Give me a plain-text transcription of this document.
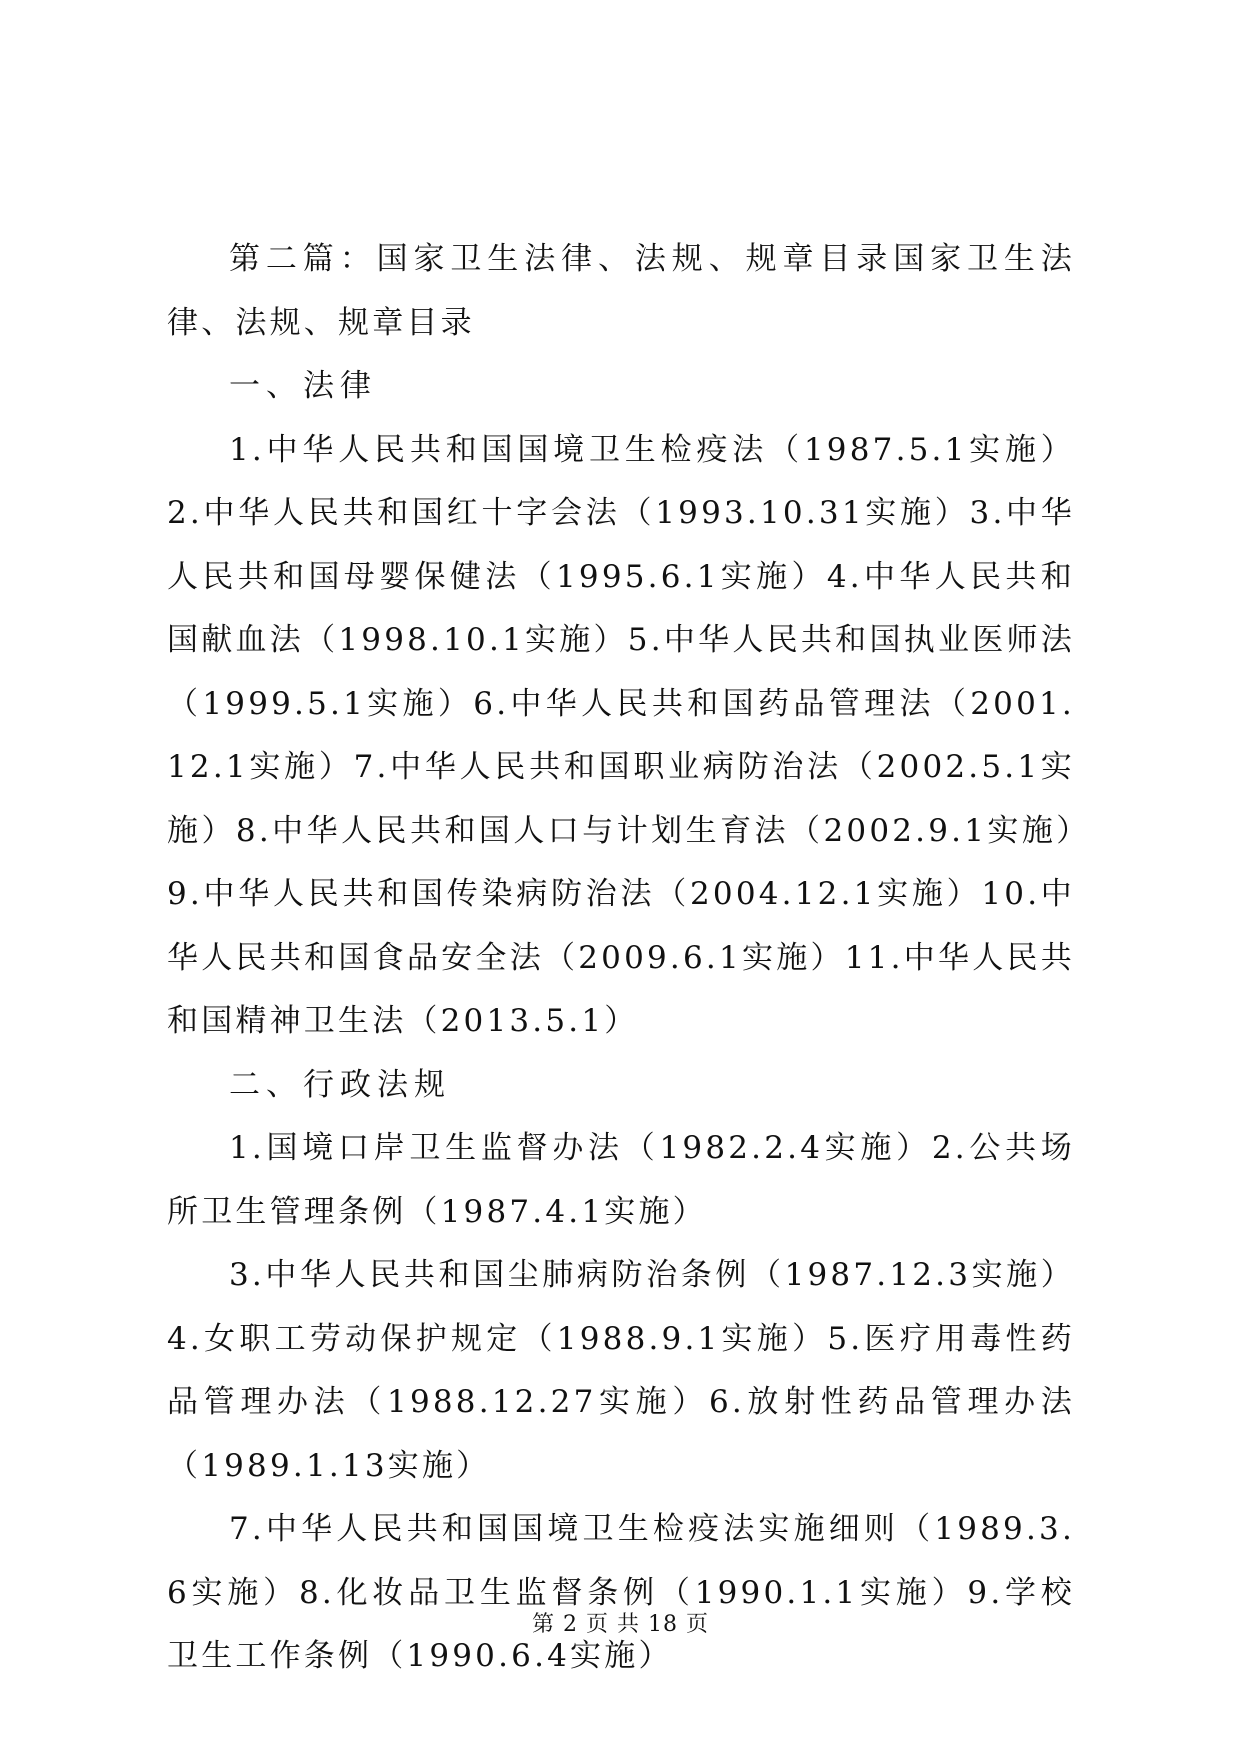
第二篇：国家卫生法律、法规、规章目录国家卫生法律、法规、规章目录

一、法律

1.中华人民共和国国境卫生检疫法（1987.5.1实施）2.中华人民共和国红十字会法（1993.10.31实施）3.中华人民共和国母婴保健法（1995.6.1实施）4.中华人民共和国献血法（1998.10.1实施）5.中华人民共和国执业医师法（1999.5.1实施）6.中华人民共和国药品管理法（2001.12.1实施）7.中华人民共和国职业病防治法（2002.5.1实施）8.中华人民共和国人口与计划生育法（2002.9.1实施）9.中华人民共和国传染病防治法（2004.12.1实施）10.中华人民共和国食品安全法（2009.6.1实施）11.中华人民共和国精神卫生法（2013.5.1）

二、行政法规

1.国境口岸卫生监督办法（1982.2.4实施）2.公共场所卫生管理条例（1987.4.1实施）

3.中华人民共和国尘肺病防治条例（1987.12.3实施）4.女职工劳动保护规定（1988.9.1实施）5.医疗用毒性药品管理办法（1988.12.27实施）6.放射性药品管理办法（1989.1.13实施）

7.中华人民共和国国境卫生检疫法实施细则（1989.3.6实施）8.化妆品卫生监督条例（1990.1.1实施）9.学校卫生工作条例（1990.6.4实施）

第 2 页 共 18 页
